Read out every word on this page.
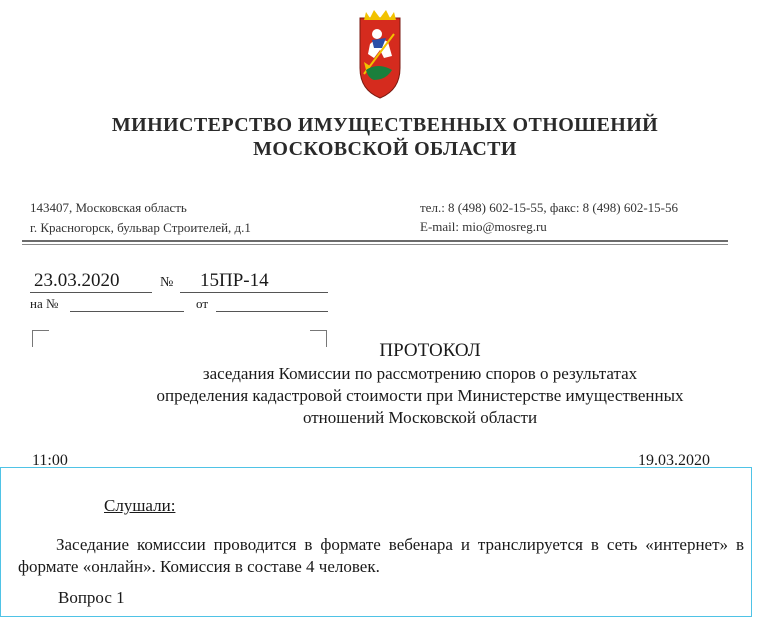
МИНИСТЕРСТВО ИМУЩЕСТВЕННЫХ ОТНОШЕНИЙ
МОСКОВСКОЙ ОБЛАСТИ
143407, Московская область
г. Красногорск, бульвар Строителей, д.1
тел.: 8 (498) 602-15-55, факс: 8 (498) 602-15-56
E-mail: mio@mosreg.ru
23.03.2020	№ 15ПР-14
на №	от
ПРОТОКОЛ
заседания Комиссии по рассмотрению споров о результатах
определения кадастровой стоимости при Министерстве имущественных
отношений Московской области
11:00	19.03.2020
Слушали:

Заседание комиссии проводится в формате вебенара и транслируется в сеть «интернет» в формате «онлайн». Комиссия в составе 4 человек.

Вопрос 1
